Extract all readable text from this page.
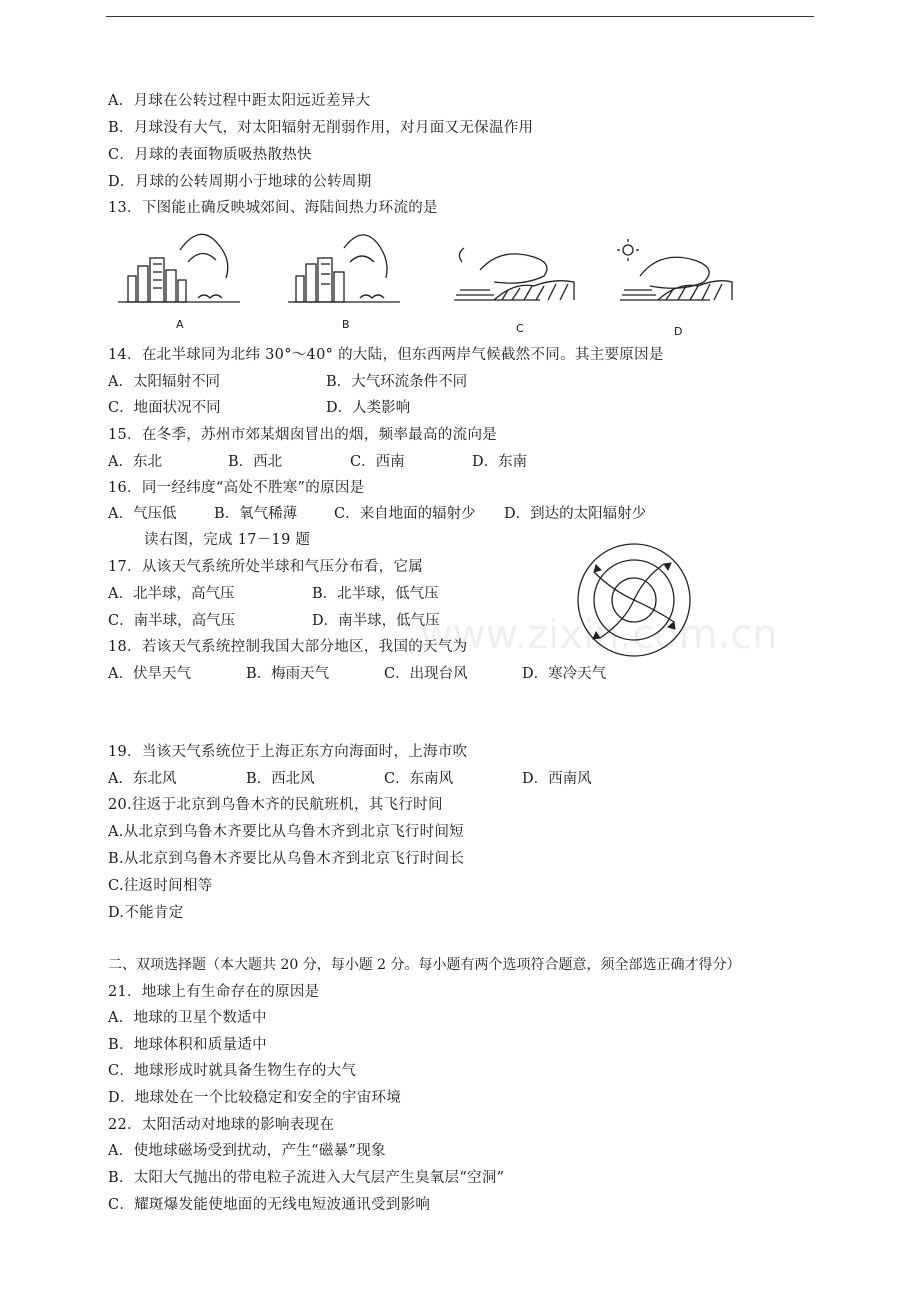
A．月球在公转过程中距太阳远近差异大
B．月球没有大气，对太阳辐射无削弱作用，对月面又无保温作用
C．月球的表面物质吸热散热快
D．月球的公转周期小于地球的公转周期
13．下图能止确反映城郊间、海陆间热力环流的是
A	B	C	D
14．在北半球同为北纬 30°～40° 的大陆，但东西两岸气候截然不同。其主要原因是
A．太阳辐射不同	B．大气环流条件不同
C．地面状况不同	D．人类影响
15．在冬季，苏州市郊某烟囱冒出的烟，频率最高的流向是
A．东北	B．西北	C．西南	D．东南
16．同一经纬度“高处不胜寒”的原因是
A．气压低	B．氧气稀薄	C．来自地面的辐射少 D．到达的太阳辐射少
读右图，完成 17－19 题
17．从该天气系统所处半球和气压分布看，它属
A．北半球，高气压	B．北半球，低气压
C．南半球，高气压	D．南半球，低气压
18．若该天气系统控制我国大部分地区，我国的天气为
A．伏旱天气	B．梅雨天气	C．出现台风	D．寒冷天气
19．当该天气系统位于上海正东方向海面时，上海市吹
A．东北风	B．西北风	C．东南风	D．西南风
20.往返于北京到乌鲁木齐的民航班机，其飞行时间
A.从北京到乌鲁木齐要比从乌鲁木齐到北京飞行时间短
B.从北京到乌鲁木齐要比从乌鲁木齐到北京飞行时间长
C.往返时间相等
D.不能肯定
二、双项选择题（本大题共 20 分，每小题 2 分。每小题有两个选项符合题意，须全部选正确才得分）
21．地球上有生命存在的原因是
A．地球的卫星个数适中
B．地球体积和质量适中
C．地球形成时就具备生物生存的大气
D．地球处在一个比较稳定和安全的宇宙环境
22．太阳活动对地球的影响表现在
A．使地球磁场受到扰动，产生“磁暴”现象
B．太阳大气抛出的带电粒子流进入大气层产生臭氧层“空洞”
C．耀斑爆发能使地面的无线电短波通讯受到影响
www.zixin.com.cn
